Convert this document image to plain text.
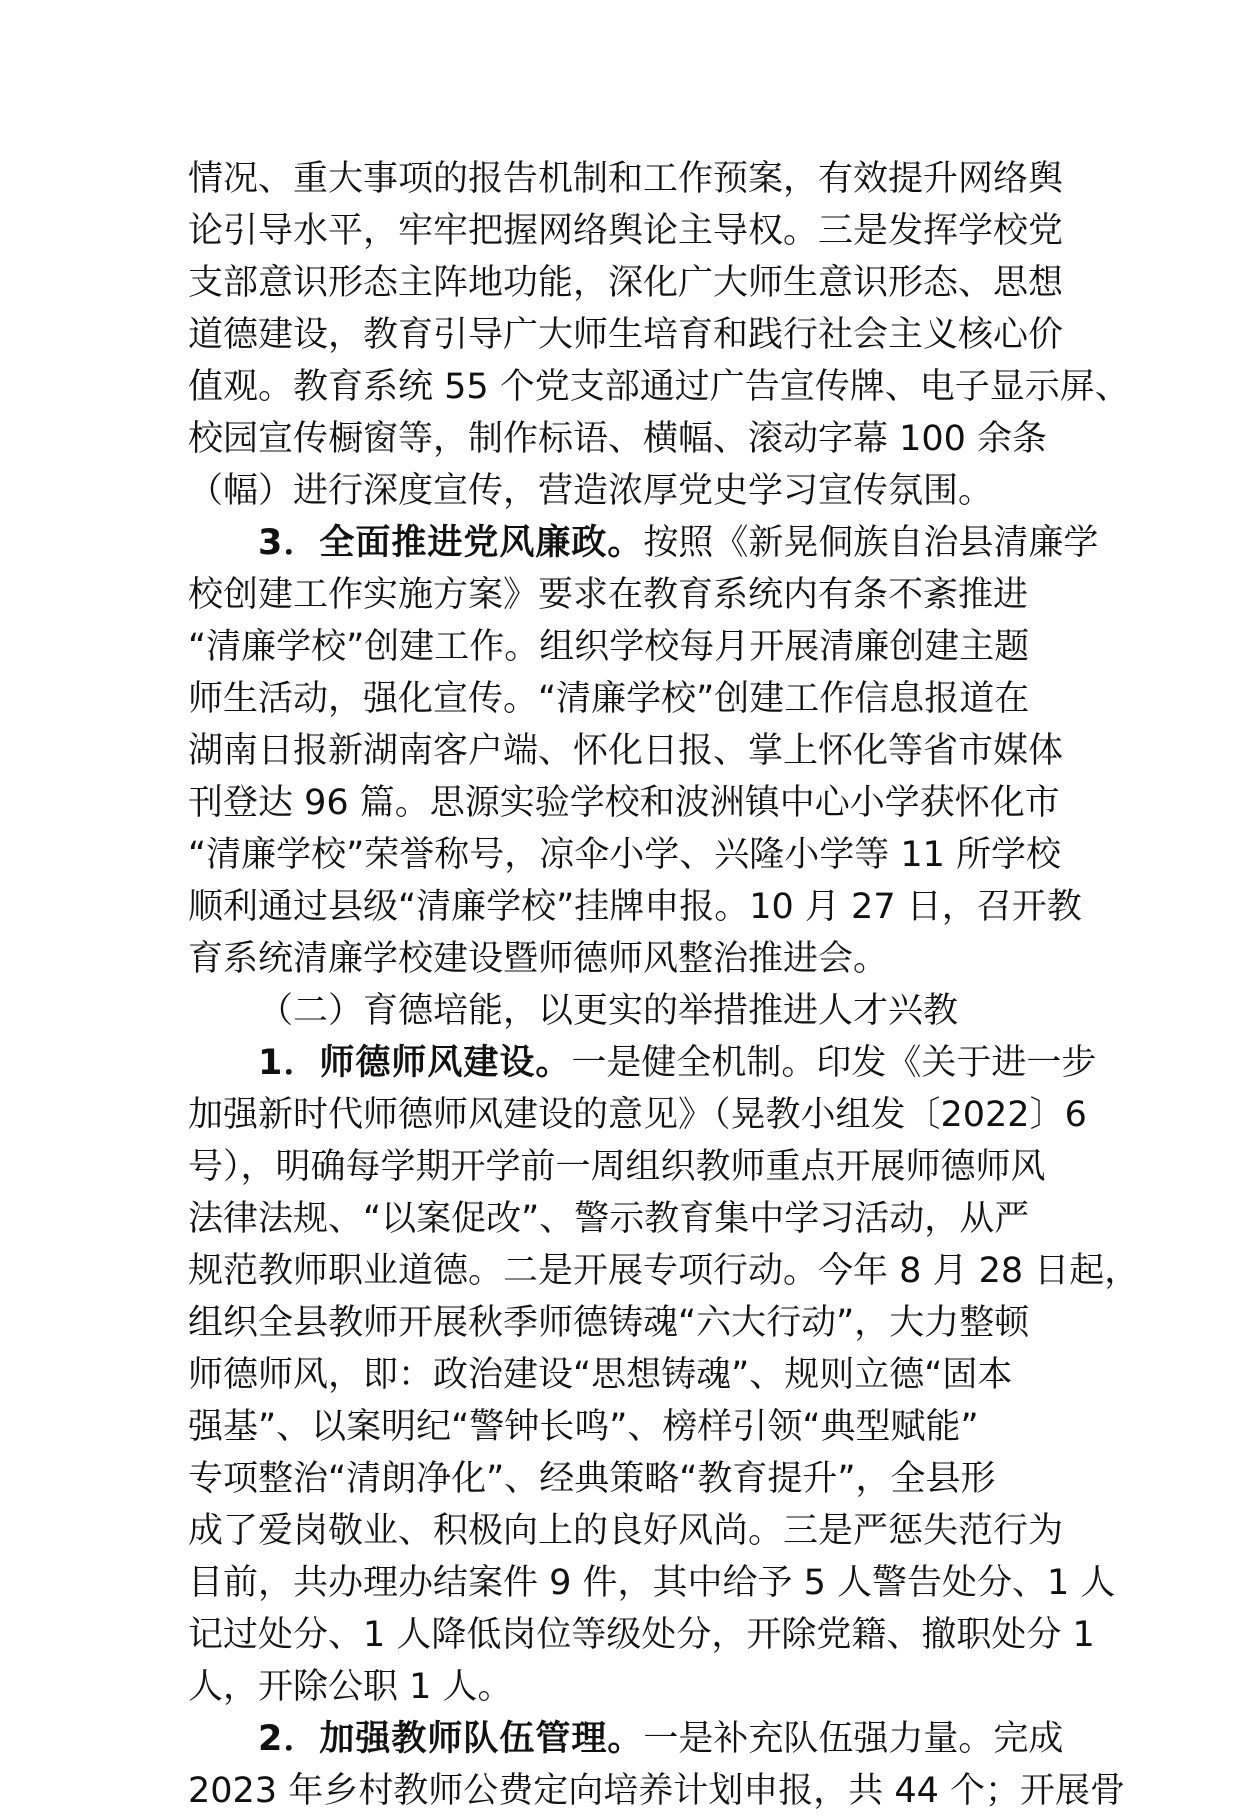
情况、重大事项的报告机制和工作预案，有效提升网络舆
论引导水平，牢牢把握网络舆论主导权。三是发挥学校党
支部意识形态主阵地功能，深化广大师生意识形态、思想
道德建设，教育引导广大师生培育和践行社会主义核心价
值观。教育系统 55 个党支部通过广告宣传牌、电子显示屏、
校园宣传橱窗等，制作标语、横幅、滚动字幕 100 余条
（幅）进行深度宣传，营造浓厚党史学习宣传氛围。
3．全面推进党风廉政。按照《新晃侗族自治县清廉学
校创建工作实施方案》要求在教育系统内有条不紊推进
“清廉学校”创建工作。组织学校每月开展清廉创建主题
师生活动，强化宣传。“清廉学校”创建工作信息报道在
湖南日报新湖南客户端、怀化日报、掌上怀化等省市媒体
刊登达 96 篇。思源实验学校和波洲镇中心小学获怀化市
“清廉学校”荣誉称号，凉伞小学、兴隆小学等 11 所学校
顺利通过县级“清廉学校”挂牌申报。10 月 27 日，召开教
育系统清廉学校建设暨师德师风整治推进会。
（二）育德培能，以更实的举措推进人才兴教
1．师德师风建设。一是健全机制。印发《关于进一步
加强新时代师德师风建设的意见》（晃教小组发〔2022〕6
号），明确每学期开学前一周组织教师重点开展师德师风
法律法规、“以案促改”、警示教育集中学习活动，从严
规范教师职业道德。二是开展专项行动。今年 8 月 28 日起，
组织全县教师开展秋季师德铸魂“六大行动”，大力整顿
师德师风，即：政治建设“思想铸魂”、规则立德“固本
强基”、以案明纪“警钟长鸣”、榜样引领“典型赋能”
专项整治“清朗净化”、经典策略“教育提升”，全县形
成了爱岗敬业、积极向上的良好风尚。三是严惩失范行为
目前，共办理办结案件 9 件，其中给予 5 人警告处分、1 人
记过处分、1 人降低岗位等级处分，开除党籍、撤职处分 1
人，开除公职 1 人。
2．加强教师队伍管理。一是补充队伍强力量。完成
2023 年乡村教师公费定向培养计划申报，共 44 个；开展骨
